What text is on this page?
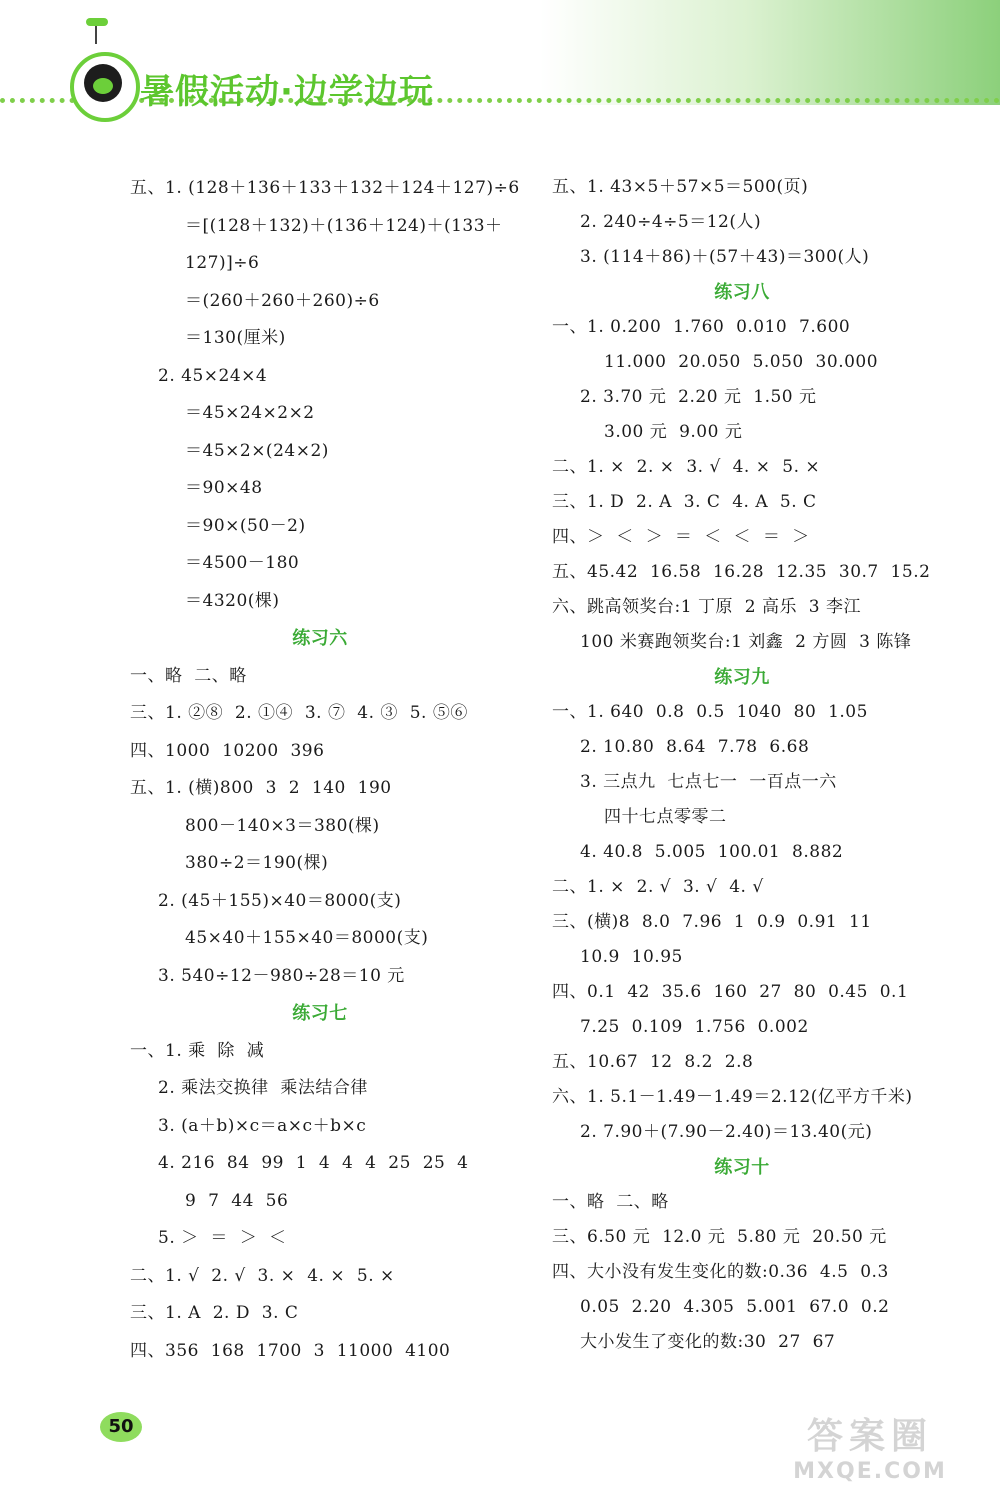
暑假活动·边学边玩
五、1. (128＋136＋133＋132＋124＋127)÷6
＝[(128＋132)＋(136＋124)＋(133＋
127)]÷6
＝(260＋260＋260)÷6
＝130(厘米)
2. 45×24×4
＝45×24×2×2
＝45×2×(24×2)
＝90×48
＝90×(50－2)
＝4500－180
＝4320(棵)
练习六
一、略  二、略
三、1. ②⑧  2. ①④  3. ⑦  4. ③  5. ⑤⑥
四、1000  10200  396
五、1. (横)800  3  2  140  190
800－140×3＝380(棵)
380÷2＝190(棵)
2. (45＋155)×40＝8000(支)
45×40＋155×40＝8000(支)
3. 540÷12－980÷28＝10 元
练习七
一、1. 乘  除  减
2. 乘法交换律  乘法结合律
3. (a＋b)×c＝a×c＋b×c
4. 216  84  99  1  4  4  4  25  25  4
9  7  44  56
5. ＞  ＝  ＞  ＜
二、1. √  2. √  3. ×  4. ×  5. ×
三、1. A  2. D  3. C
四、356  168  1700  3  11000  4100
五、1. 43×5＋57×5＝500(页)
2. 240÷4÷5＝12(人)
3. (114＋86)＋(57＋43)＝300(人)
练习八
一、1. 0.200  1.760  0.010  7.600
11.000  20.050  5.050  30.000
2. 3.70 元  2.20 元  1.50 元
3.00 元  9.00 元
二、1. ×  2. ×  3. √  4. ×  5. ×
三、1. D  2. A  3. C  4. A  5. C
四、＞  ＜  ＞  ＝  ＜  ＜  ＝  ＞
五、45.42  16.58  16.28  12.35  30.7  15.2
六、跳高领奖台:1 丁原  2 高乐  3 李江
100 米赛跑领奖台:1 刘鑫  2 方圆  3 陈锋
练习九
一、1. 640  0.8  0.5  1040  80  1.05
2. 10.80  8.64  7.78  6.68
3. 三点九  七点七一  一百点一六
四十七点零零二
4. 40.8  5.005  100.01  8.882
二、1. ×  2. √  3. √  4. √
三、(横)8  8.0  7.96  1  0.9  0.91  11
10.9  10.95
四、0.1  42  35.6  160  27  80  0.45  0.1
7.25  0.109  1.756  0.002
五、10.67  12  8.2  2.8
六、1. 5.1－1.49－1.49＝2.12(亿平方千米)
2. 7.90＋(7.90－2.40)＝13.40(元)
练习十
一、略  二、略
三、6.50 元  12.0 元  5.80 元  20.50 元
四、大小没有发生变化的数:0.36  4.5  0.3
0.05  2.20  4.305  5.001  67.0  0.2
大小发生了变化的数:30  27  67
50	答案圈
MXQE.COM
